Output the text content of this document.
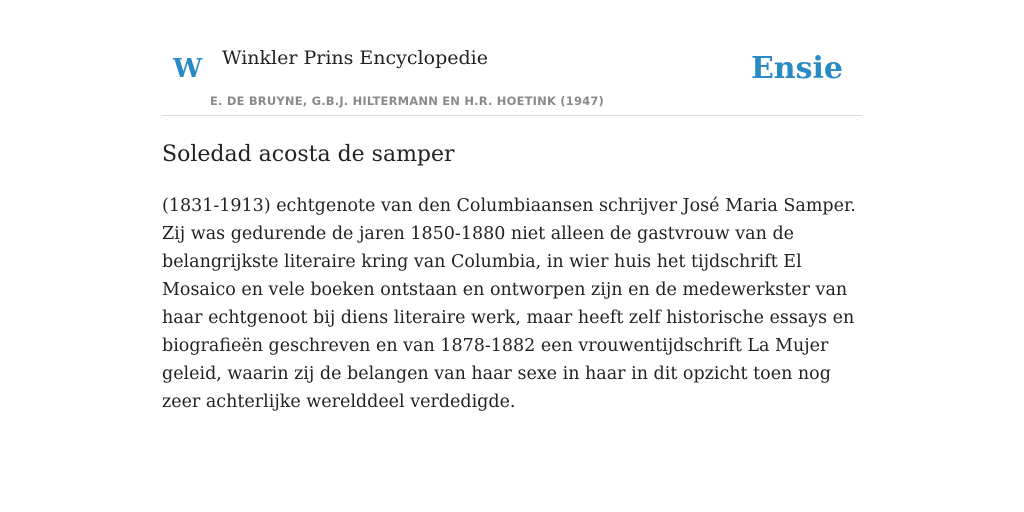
W Winkler Prins Encyclopedie
E. DE BRUYNE, G.B.J. HILTERMANN EN H.R. HOETINK (1947)
Ensie
Soledad acosta de samper

(1831-1913) echtgenote van den Columbiaansen schrijver José Maria Samper. Zij was gedurende de jaren 1850-1880 niet alleen de gastvrouw van de belangrijkste literaire kring van Columbia, in wier huis het tijdschrift El Mosaico en vele boeken ontstaan en ontworpen zijn en de medewerkster van haar echtgenoot bij diens literaire werk, maar heeft zelf historische essays en biografieën geschreven en van 1878-1882 een vrouwentijdschrift La Mujer geleid, waarin zij de belangen van haar sexe in haar in dit opzicht toen nog zeer achterlijke werelddeel verdedigde.
